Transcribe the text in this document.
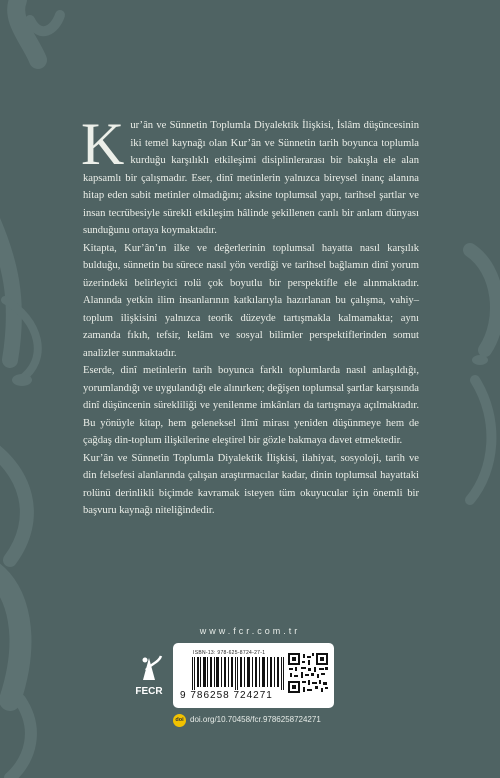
Kur’ân ve Sünnetin Toplumla Diyalektik İlişkisi, İslâm düşüncesinin iki temel kaynağı olan Kur’ân ve Sünnetin tarih boyunca toplumla kurduğu karşılıklı etkileşimi disiplinlerarası bir bakışla ele alan kapsamlı bir çalışmadır. Eser, dinî metinlerin yalnızca bireysel inanç alanına hitap eden sabit metinler olmadığını; aksine toplumsal yapı, tarihsel şartlar ve insan tecrübesiyle sürekli etkileşim hâlinde şekillenen canlı bir anlam dünyası sunduğunu ortaya koymaktadır.

Kitapta, Kur’ân’ın ilke ve değerlerinin toplumsal hayatta nasıl karşılık bulduğu, sünnetin bu sürece nasıl yön verdiği ve tarihsel bağlamın dinî yorum üzerindeki belirleyici rolü çok boyutlu bir perspektifle ele alınmaktadır. Alanında yetkin ilim insanlarının katkılarıyla hazırlanan bu çalışma, vahiy–toplum ilişkisini yalnızca teorik düzeyde tartışmakla kalmamakta; aynı zamanda fıkıh, tefsir, kelâm ve sosyal bilimler perspektiflerinden somut analizler sunmaktadır.

Eserde, dinî metinlerin tarih boyunca farklı toplumlarda nasıl anlaşıldığı, yorumlandığı ve uygulandığı ele alınırken; değişen toplumsal şartlar karşısında dinî düşüncenin sürekliliği ve yenilenme imkânları da tartışmaya açılmaktadır. Bu yönüyle kitap, hem geleneksel ilmî mirası yeniden düşünmeye hem de çağdaş din-toplum ilişkilerine eleştirel bir gözle bakmaya davet etmektedir.

Kur’ân ve Sünnetin Toplumla Diyalektik İlişkisi, ilahiyat, sosyoloji, tarih ve din felsefesi alanlarında çalışan araştırmacılar kadar, dinin toplumsal hayattaki rolünü derinlikli biçimde kavramak isteyen tüm okuyucular için önemli bir başvuru kaynağı niteliğindedir.

www.fcr.com.tr
FECR
ISBN-13: 978-625-8724-27-1
9 786258 724271
doi doi.org/10.70458/fcr.9786258724271
